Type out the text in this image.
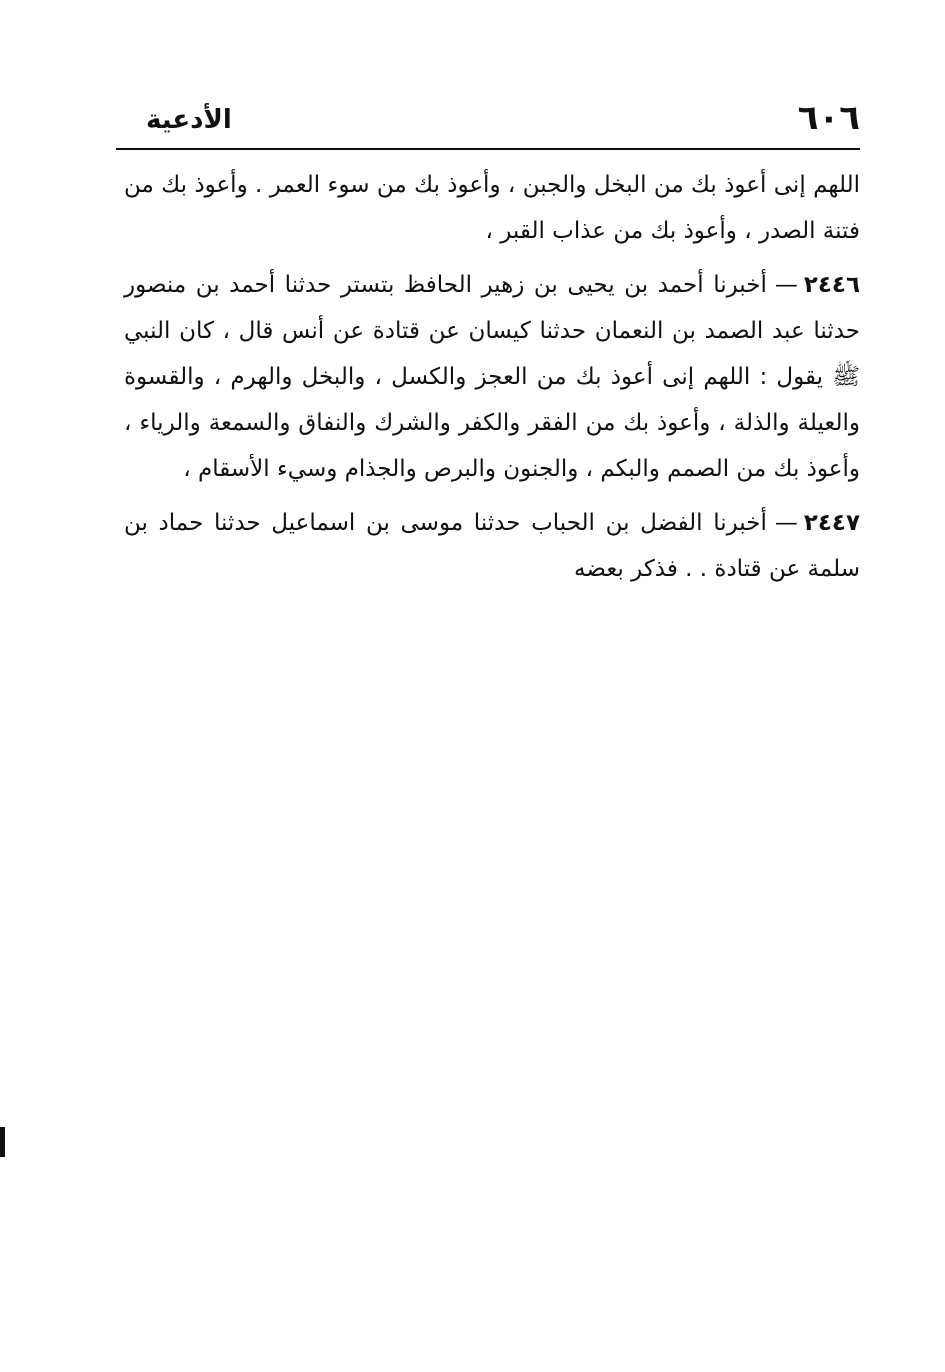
٦٠٦
الأدعية

اللهم إنى أعوذ بك من البخل والجبن ، وأعوذ بك من سوء العمر . وأعوذ بك من فتنة الصدر ، وأعوذ بك من عذاب القبر ،

٢٤٤٦—أخبرنا أحمد بن يحيى بن زهير الحافظ بتستر حدثنا أحمد بن منصور حدثنا عبد الصمد بن النعمان حدثنا كيسان عن قتادة عن أنس قال ، كان النبي ﷺ يقول : اللهم إنى أعوذ بك من العجز والكسل ، والبخل والهرم ، والقسوة والعيلة والذلة ، وأعوذ بك من الفقر والكفر والشرك والنفاق والسمعة والرياء ، وأعوذ بك من الصمم والبكم ، والجنون والبرص والجذام وسيء الأسقام ،

٢٤٤٧—أخبرنا الفضل بن الحباب حدثنا موسى بن اسماعيل حدثنا حماد بن سلمة عن قتادة . . فذكر بعضه
